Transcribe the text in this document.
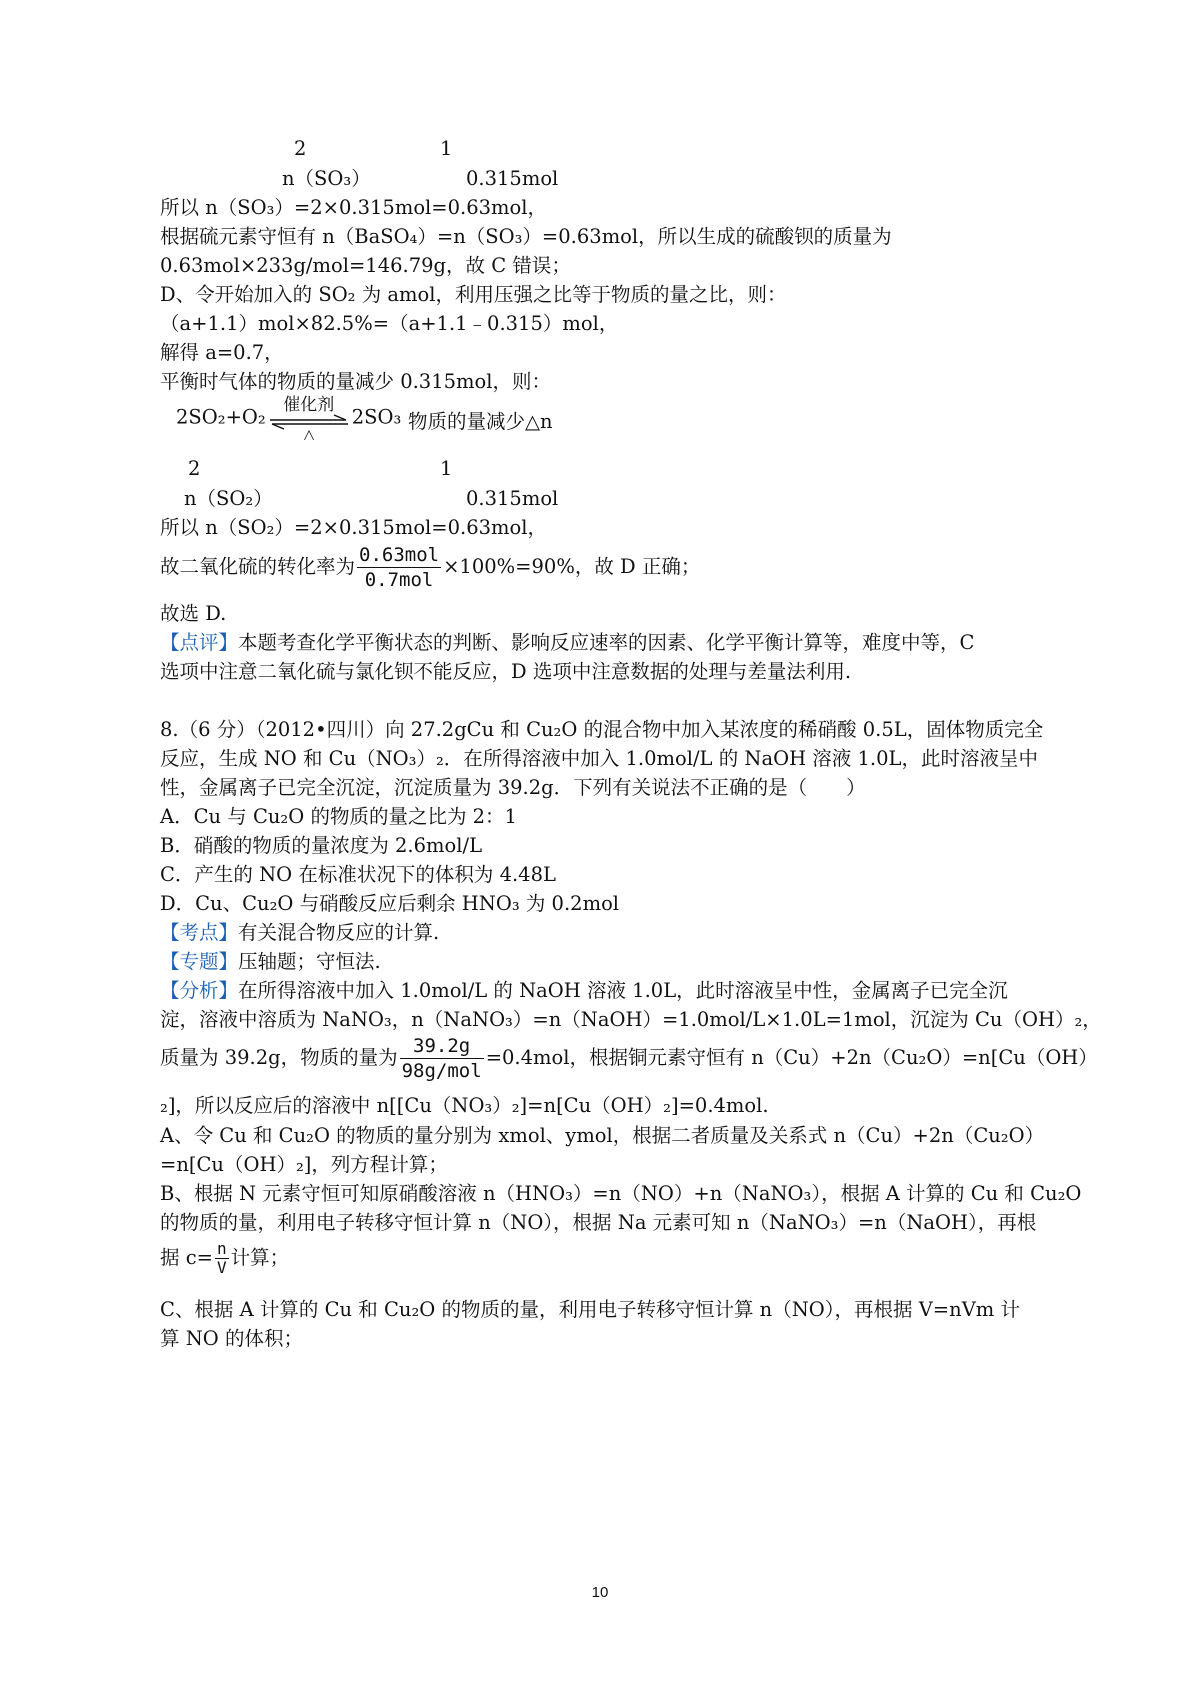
2	1
n（SO₃）	0.315mol
所以 n（SO₃）=2×0.315mol=0.63mol，
根据硫元素守恒有 n（BaSO₄）=n（SO₃）=0.63mol，所以生成的硫酸钡的质量为
0.63mol×233g/mol=146.79g，故 C 错误；
D、令开始加入的 SO₂ 为 amol，利用压强之比等于物质的量之比，则：
（a+1.1）mol×82.5%=（a+1.1﹣0.315）mol，
解得 a=0.7，
平衡时气体的物质的量减少 0.315mol，则：
2SO₂+O₂
催化剂
△
2SO₃ 物质的量减少△n
2	1
n（SO₂）	0.315mol
所以 n（SO₂）=2×0.315mol=0.63mol，
故二氧化硫的转化率为 $\frac{\text{0.63mol}}{\text{0.7mol}} \times 100\%=90\%$，故 D 正确；
故选 D.
【点评】本题考查化学平衡状态的判断、影响反应速率的因素、化学平衡计算等，难度中等，C
选项中注意二氧化硫与氯化钡不能反应，D 选项中注意数据的处理与差量法利用.
8.（6 分）（2012•四川）向 27.2gCu 和 Cu₂O 的混合物中加入某浓度的稀硝酸 0.5L，固体物质完全
反应，生成 NO 和 Cu（NO₃）₂．在所得溶液中加入 1.0mol/L 的 NaOH 溶液 1.0L，此时溶液呈中
性，金属离子已完全沉淀，沉淀质量为 39.2g．下列有关说法不正确的是（　　）
A．Cu 与 Cu₂O 的物质的量之比为 2：1
B．硝酸的物质的量浓度为 2.6mol/L
C．产生的 NO 在标准状况下的体积为 4.48L
D．Cu、Cu₂O 与硝酸反应后剩余 HNO₃ 为 0.2mol
【考点】有关混合物反应的计算.
【专题】压轴题；守恒法.
【分析】在所得溶液中加入 1.0mol/L 的 NaOH 溶液 1.0L，此时溶液呈中性，金属离子已完全沉
淀，溶液中溶质为 NaNO₃，n（NaNO₃）=n（NaOH）=1.0mol/L×1.0L=1mol，沉淀为 Cu（OH）₂，
质量为 39.2g，物质的量为 $\frac{39.2g}{\text{98g/mol}} =0.4mol$，根据铜元素守恒有 n（Cu）+2n（Cu₂O）=n[Cu（OH）
₂]，所以反应后的溶液中 n[[Cu（NO₃）₂]=n[Cu（OH）₂]=0.4mol.
A、令 Cu 和 Cu₂O 的物质的量分别为 xmol、ymol，根据二者质量及关系式 n（Cu）+2n（Cu₂O）
=n[Cu（OH）₂]，列方程计算；
B、根据 N 元素守恒可知原硝酸溶液 n（HNO₃）=n（NO）+n（NaNO₃），根据 A 计算的 Cu 和 Cu₂O
的物质的量，利用电子转移守恒计算 n（NO），根据 Na 元素可知 n（NaNO₃）=n（NaOH），再根
据 $c= \frac{n}{V}$ 计算；
C、根据 A 计算的 Cu 和 Cu₂O 的物质的量，利用电子转移守恒计算 n（NO），再根据 V=nVm 计
算 NO 的体积；
10
